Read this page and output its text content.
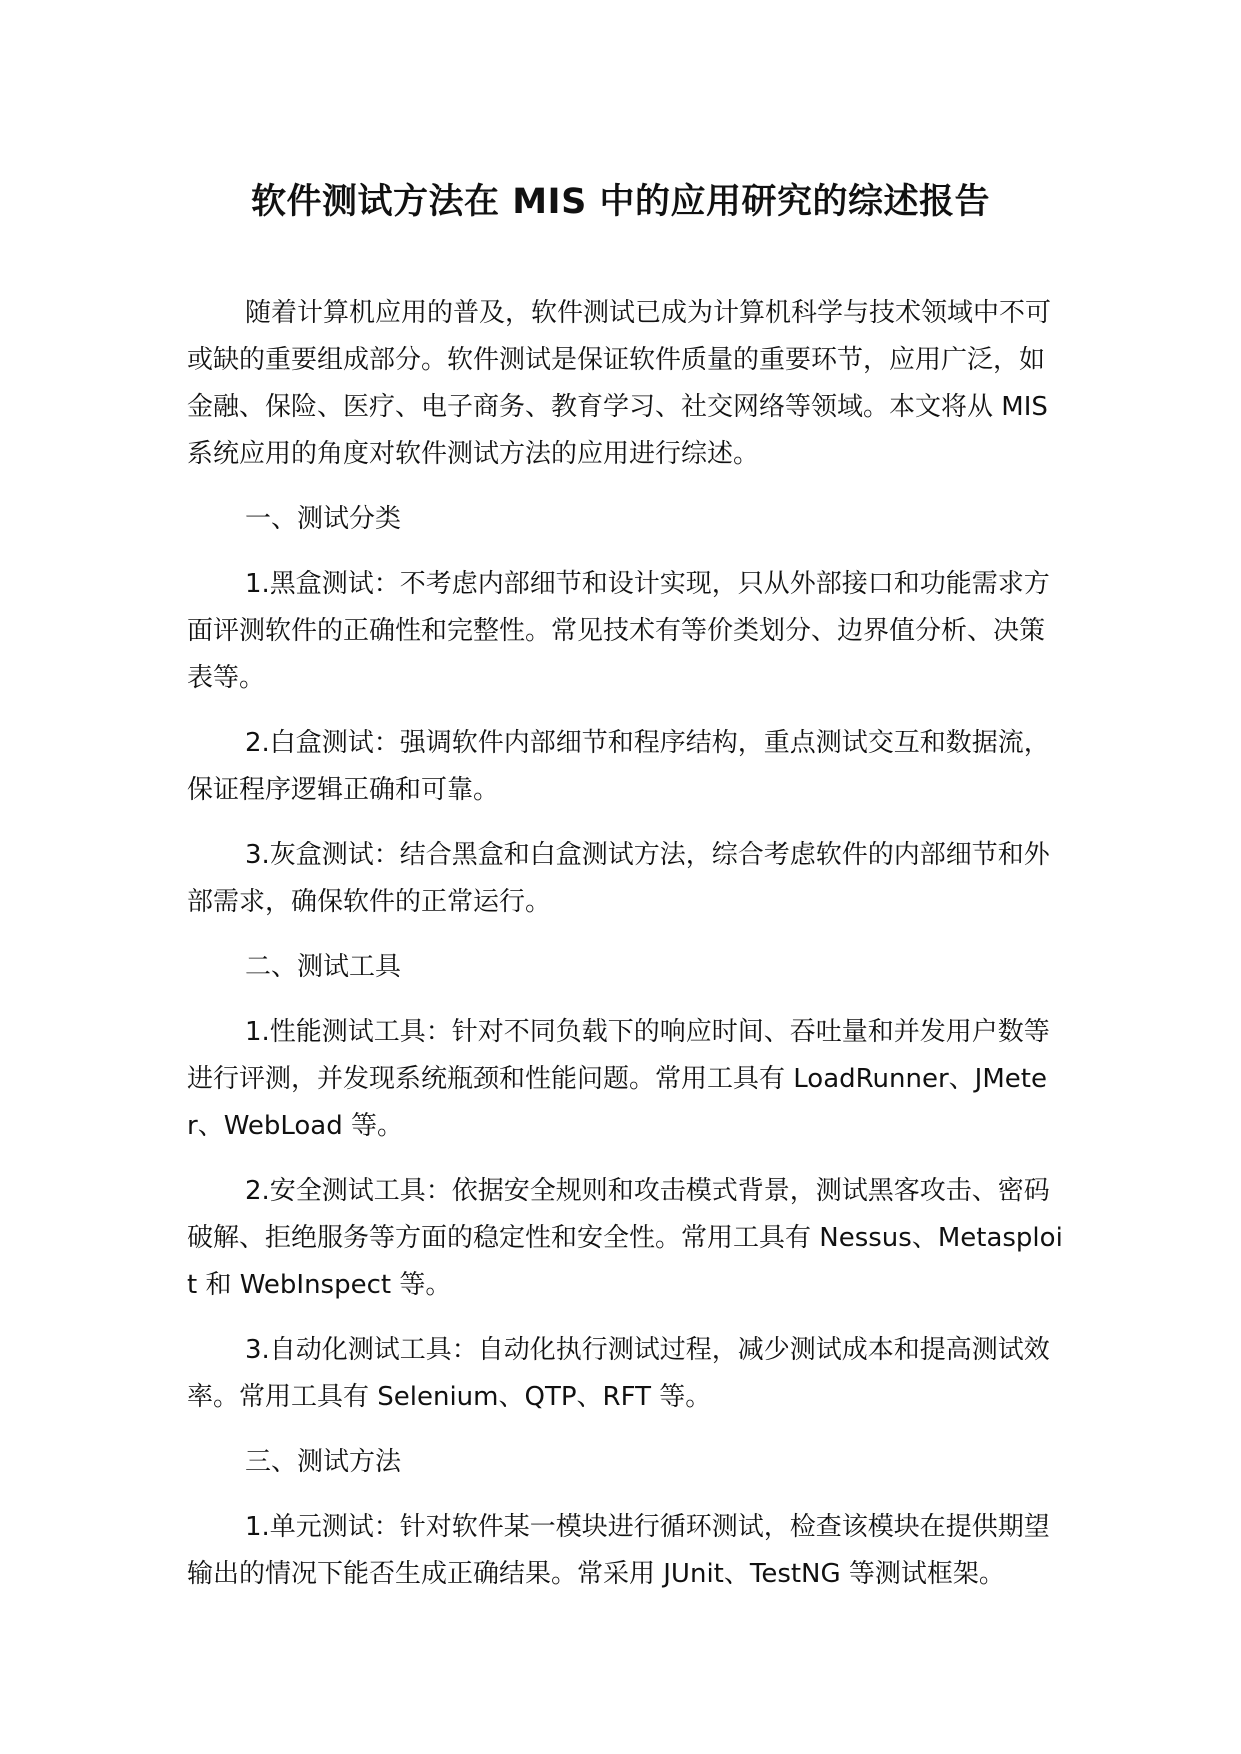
软件测试方法在 MIS 中的应用研究的综述报告

随着计算机应用的普及，软件测试已成为计算机科学与技术领域中不可或缺的重要组成部分。软件测试是保证软件质量的重要环节，应用广泛，如金融、保险、医疗、电子商务、教育学习、社交网络等领域。本文将从 MIS 系统应用的角度对软件测试方法的应用进行综述。

一、测试分类

1.黑盒测试：不考虑内部细节和设计实现，只从外部接口和功能需求方面评测软件的正确性和完整性。常见技术有等价类划分、边界值分析、决策表等。

2.白盒测试：强调软件内部细节和程序结构，重点测试交互和数据流，保证程序逻辑正确和可靠。

3.灰盒测试：结合黑盒和白盒测试方法，综合考虑软件的内部细节和外部需求，确保软件的正常运行。

二、测试工具

1.性能测试工具：针对不同负载下的响应时间、吞吐量和并发用户数等进行评测，并发现系统瓶颈和性能问题。常用工具有 LoadRunner、JMeter、WebLoad 等。

2.安全测试工具：依据安全规则和攻击模式背景，测试黑客攻击、密码破解、拒绝服务等方面的稳定性和安全性。常用工具有 Nessus、Metasploit 和 WebInspect 等。

3.自动化测试工具：自动化执行测试过程，减少测试成本和提高测试效率。常用工具有 Selenium、QTP、RFT 等。

三、测试方法

1.单元测试：针对软件某一模块进行循环测试，检查该模块在提供期望输出的情况下能否生成正确结果。常采用 JUnit、TestNG 等测试框架。
